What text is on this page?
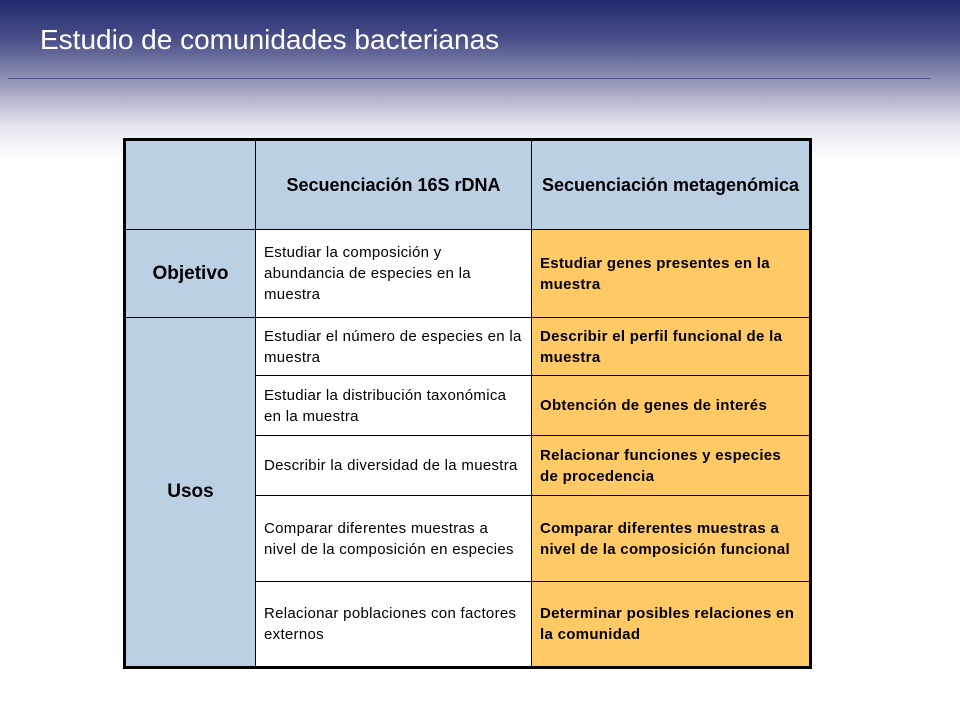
Estudio de comunidades bacterianas
	Secuenciación 16S rDNA	Secuenciación metagenómica
Objetivo	Estudiar la composición y abundancia de especies en la muestra	Estudiar genes presentes en la muestra
Usos	Estudiar el número de especies en la muestra	Describir el perfil funcional de la muestra
	Estudiar la distribución taxonómica en la muestra	Obtención de genes de interés
	Describir la diversidad de la muestra	Relacionar funciones y especies de procedencia
	Comparar diferentes muestras a nivel de la composición en especies	Comparar diferentes muestras a nivel de la composición funcional
	Relacionar poblaciones con factores externos	Determinar posibles relaciones en la comunidad
